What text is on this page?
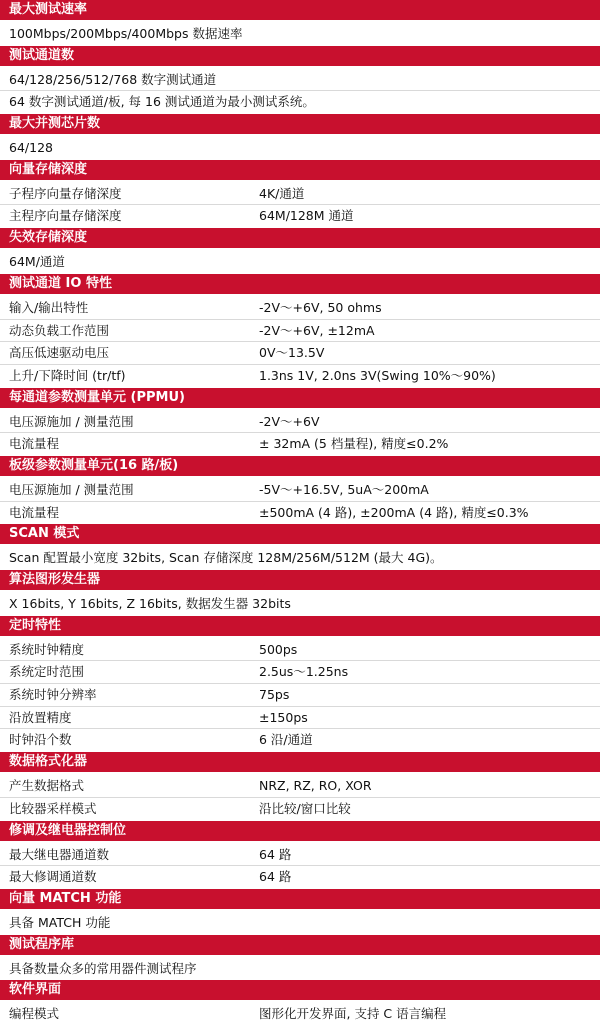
最大测试速率
100Mbps/200Mbps/400Mbps 数据速率
测试通道数
64/128/256/512/768 数字测试通道
64 数字测试通道/板, 每 16 测试通道为最小测试系统。
最大并测芯片数
64/128
向量存储深度
子程序向量存储深度	4K/通道
主程序向量存储深度	64M/128M 通道
失效存储深度
64M/通道
测试通道 IO 特性
输入/输出特性	-2V～+6V, 50 ohms
动态负载工作范围	-2V～+6V, ±12mA
高压低速驱动电压	0V～13.5V
上升/下降时间 (tr/tf)	1.3ns 1V, 2.0ns 3V(Swing 10%～90%)
每通道参数测量单元 (PPMU)
电压源施加 / 测量范围	-2V～+6V
电流量程	± 32mA (5 档量程), 精度≤0.2%
板级参数测量单元(16 路/板)
电压源施加 / 测量范围	-5V～+16.5V, 5uA～200mA
电流量程	±500mA (4 路), ±200mA (4 路), 精度≤0.3%
SCAN 模式
Scan 配置最小宽度 32bits, Scan 存储深度 128M/256M/512M (最大 4G)。
算法图形发生器
X 16bits, Y 16bits, Z 16bits, 数据发生器 32bits
定时特性
系统时钟精度	500ps
系统定时范围	2.5us～1.25ns
系统时钟分辨率	75ps
沿放置精度	±150ps
时钟沿个数	6 沿/通道
数据格式化器
产生数据格式	NRZ, RZ, RO, XOR
比较器采样模式	沿比较/窗口比较
修调及继电器控制位
最大继电器通道数	64 路
最大修调通道数	64 路
向量 MATCH 功能
具备 MATCH 功能
测试程序库
具备数量众多的常用器件测试程序
软件界面
编程模式	图形化开发界面, 支持 C 语言编程
